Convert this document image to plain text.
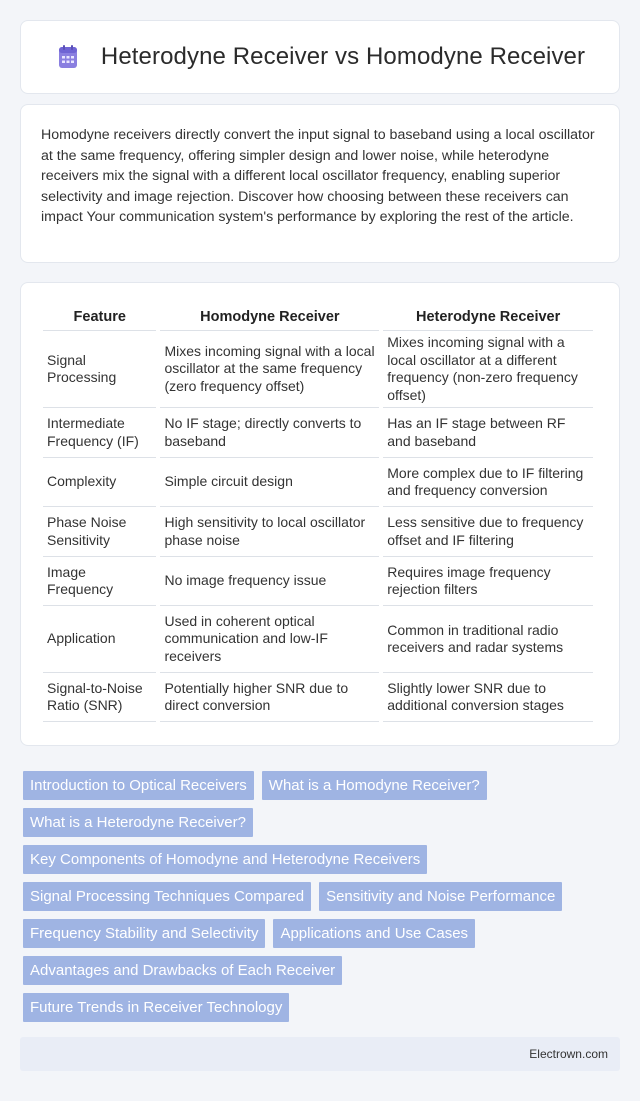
Heterodyne Receiver vs Homodyne Receiver

Homodyne receivers directly convert the input signal to baseband using a local oscillator at the same frequency, offering simpler design and lower noise, while heterodyne receivers mix the signal with a different local oscillator frequency, enabling superior selectivity and image rejection. Discover how choosing between these receivers can impact Your communication system's performance by exploring the rest of the article.

Feature	Homodyne Receiver	Heterodyne Receiver
Signal Processing	Mixes incoming signal with a local oscillator at the same frequency (zero frequency offset)	Mixes incoming signal with a local oscillator at a different frequency (non-zero frequency offset)
Intermediate Frequency (IF)	No IF stage; directly converts to baseband	Has an IF stage between RF and baseband
Complexity	Simple circuit design	More complex due to IF filtering and frequency conversion
Phase Noise Sensitivity	High sensitivity to local oscillator phase noise	Less sensitive due to frequency offset and IF filtering
Image Frequency	No image frequency issue	Requires image frequency rejection filters
Application	Used in coherent optical communication and low-IF receivers	Common in traditional radio receivers and radar systems
Signal-to-Noise Ratio (SNR)	Potentially higher SNR due to direct conversion	Slightly lower SNR due to additional conversion stages
Introduction to Optical Receivers	What is a Homodyne Receiver?
What is a Heterodyne Receiver?
Key Components of Homodyne and Heterodyne Receivers
Signal Processing Techniques Compared	Sensitivity and Noise Performance
Frequency Stability and Selectivity	Applications and Use Cases
Advantages and Drawbacks of Each Receiver
Future Trends in Receiver Technology
Electrown.com
